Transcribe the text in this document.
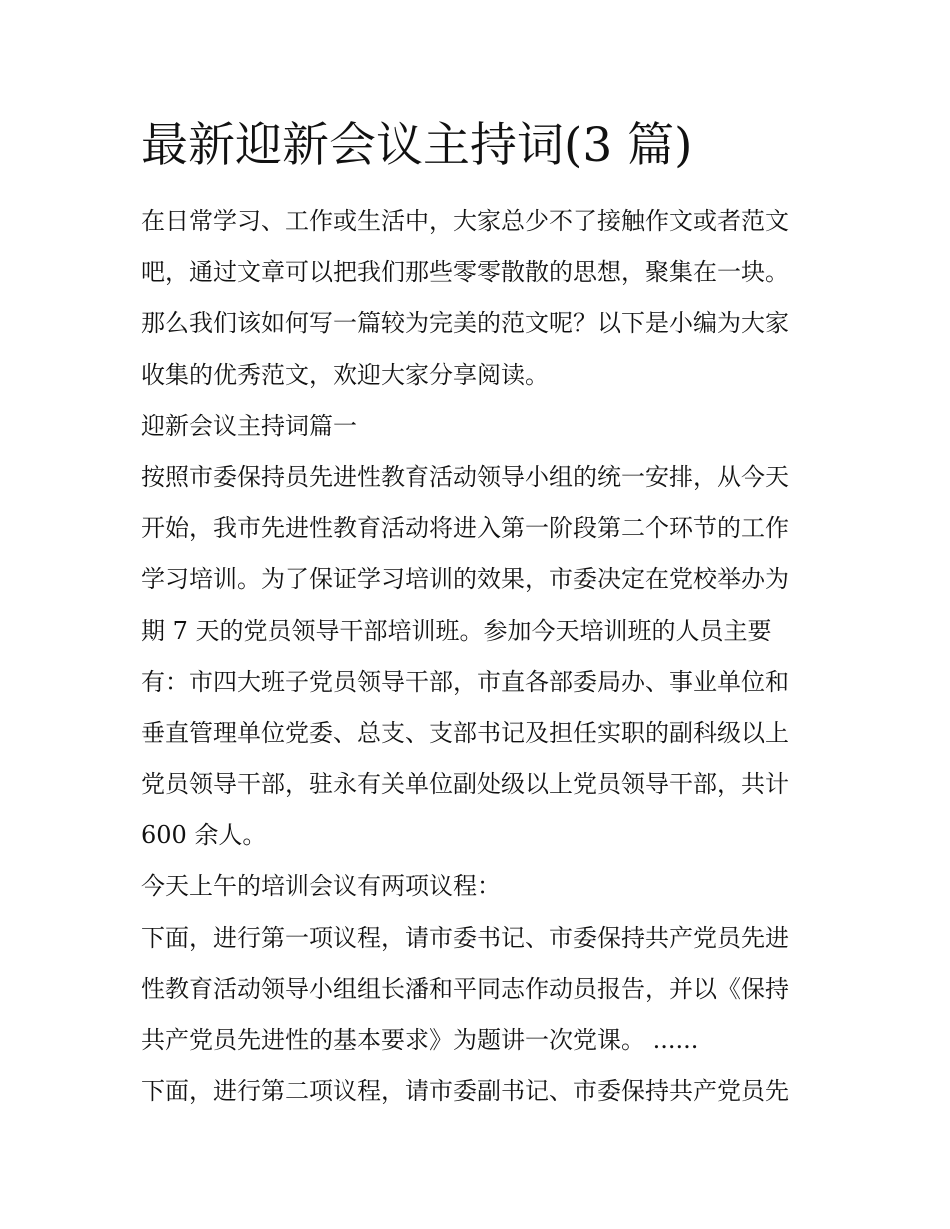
最新迎新会议主持词(3 篇)
在日常学习、工作或生活中，大家总少不了接触作文或者范文
吧，通过文章可以把我们那些零零散散的思想，聚集在一块。
那么我们该如何写一篇较为完美的范文呢？以下是小编为大家
收集的优秀范文，欢迎大家分享阅读。
迎新会议主持词篇一
按照市委保持员先进性教育活动领导小组的统一安排，从今天
开始，我市先进性教育活动将进入第一阶段第二个环节的工作
学习培训。为了保证学习培训的效果，市委决定在党校举办为
期 7 天的党员领导干部培训班。参加今天培训班的人员主要
有：市四大班子党员领导干部，市直各部委局办、事业单位和
垂直管理单位党委、总支、支部书记及担任实职的副科级以上
党员领导干部，驻永有关单位副处级以上党员领导干部，共计
600 余人。
今天上午的培训会议有两项议程：
下面，进行第一项议程，请市委书记、市委保持共产党员先进
性教育活动领导小组组长潘和平同志作动员报告，并以《保持
共产党员先进性的基本要求》为题讲一次党课。 ......
下面，进行第二项议程，请市委副书记、市委保持共产党员先
